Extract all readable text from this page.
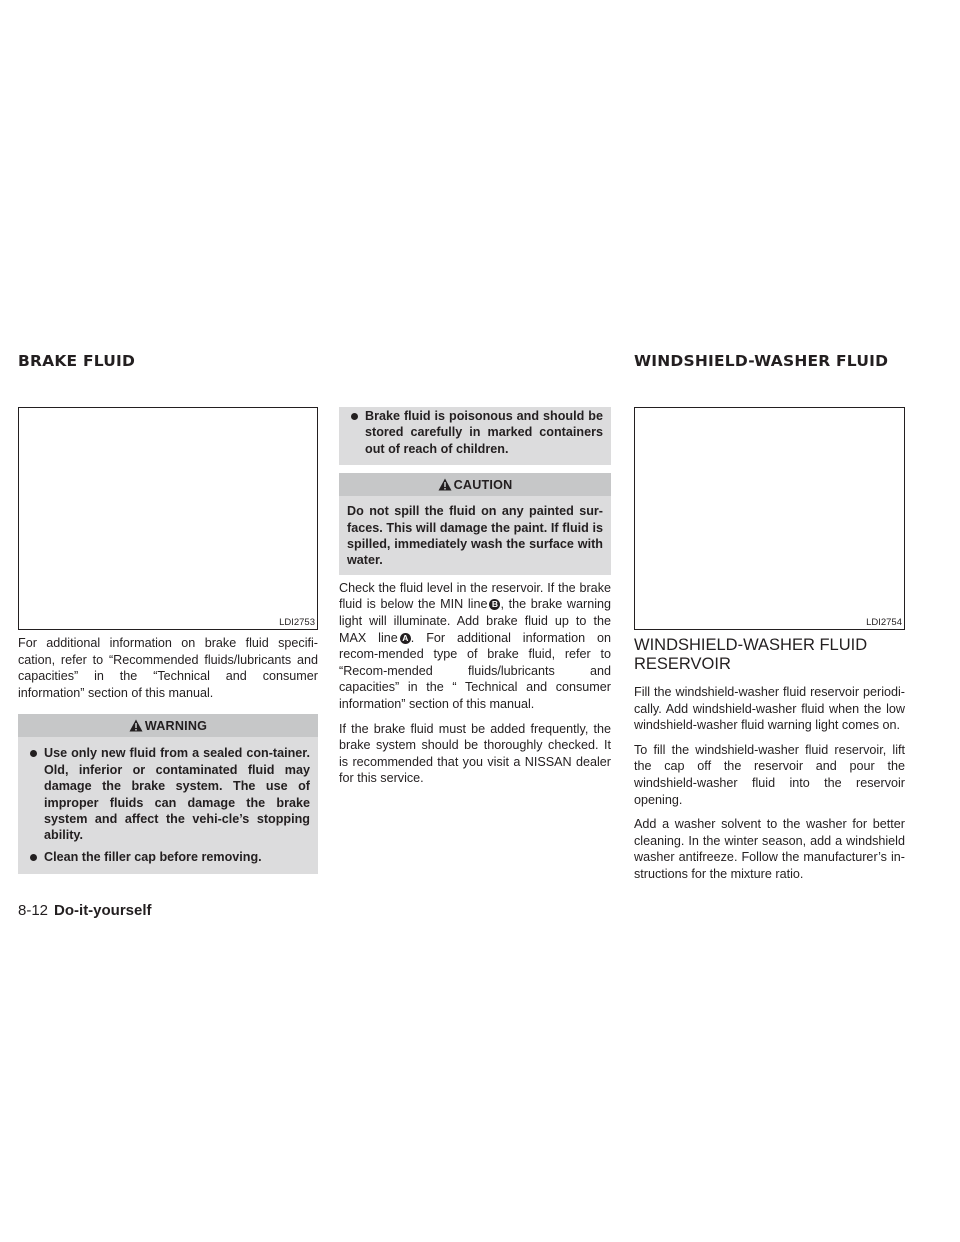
BRAKE FLUID	WINDSHIELD-WASHER FLUID
LDI2753

For additional information on brake fluid specifi-cation, refer to “Recommended fluids/lubricants and capacities” in the “Technical and consumer information” section of this manual.

WARNING
Use only new fluid from a sealed con-tainer. Old, inferior or contaminated fluid may damage the brake system. The use of improper fluids can damage the brake system and affect the vehi-cle’s stopping ability.
Clean the filler cap before removing.
Brake fluid is poisonous and should be stored carefully in marked containers out of reach of children.
CAUTION
Do not spill the fluid on any painted sur-faces. This will damage the paint. If fluid is spilled, immediately wash the surface with water.

Check the fluid level in the reservoir. If the brake fluid is below the MIN line B , the brake warning light will illuminate. Add brake fluid up to the MAX line A . For additional information on recom-mended type of brake fluid, refer to “Recom-mended fluids/lubricants and capacities” in the “ Technical and consumer information” section of this manual.

If the brake fluid must be added frequently, the brake system should be thoroughly checked. It is recommended that you visit a NISSAN dealer for this service.

LDI2754

WINDSHIELD-WASHER FLUID RESERVOIR

Fill the windshield-washer fluid reservoir periodi-cally. Add windshield-washer fluid when the low windshield-washer fluid warning light comes on.

To fill the windshield-washer fluid reservoir, lift the cap off the reservoir and pour the windshield-washer fluid into the reservoir opening.

Add a washer solvent to the washer for better cleaning. In the winter season, add a windshield washer antifreeze. Follow the manufacturer’s in-structions for the mixture ratio.

8-12 Do-it-yourself
